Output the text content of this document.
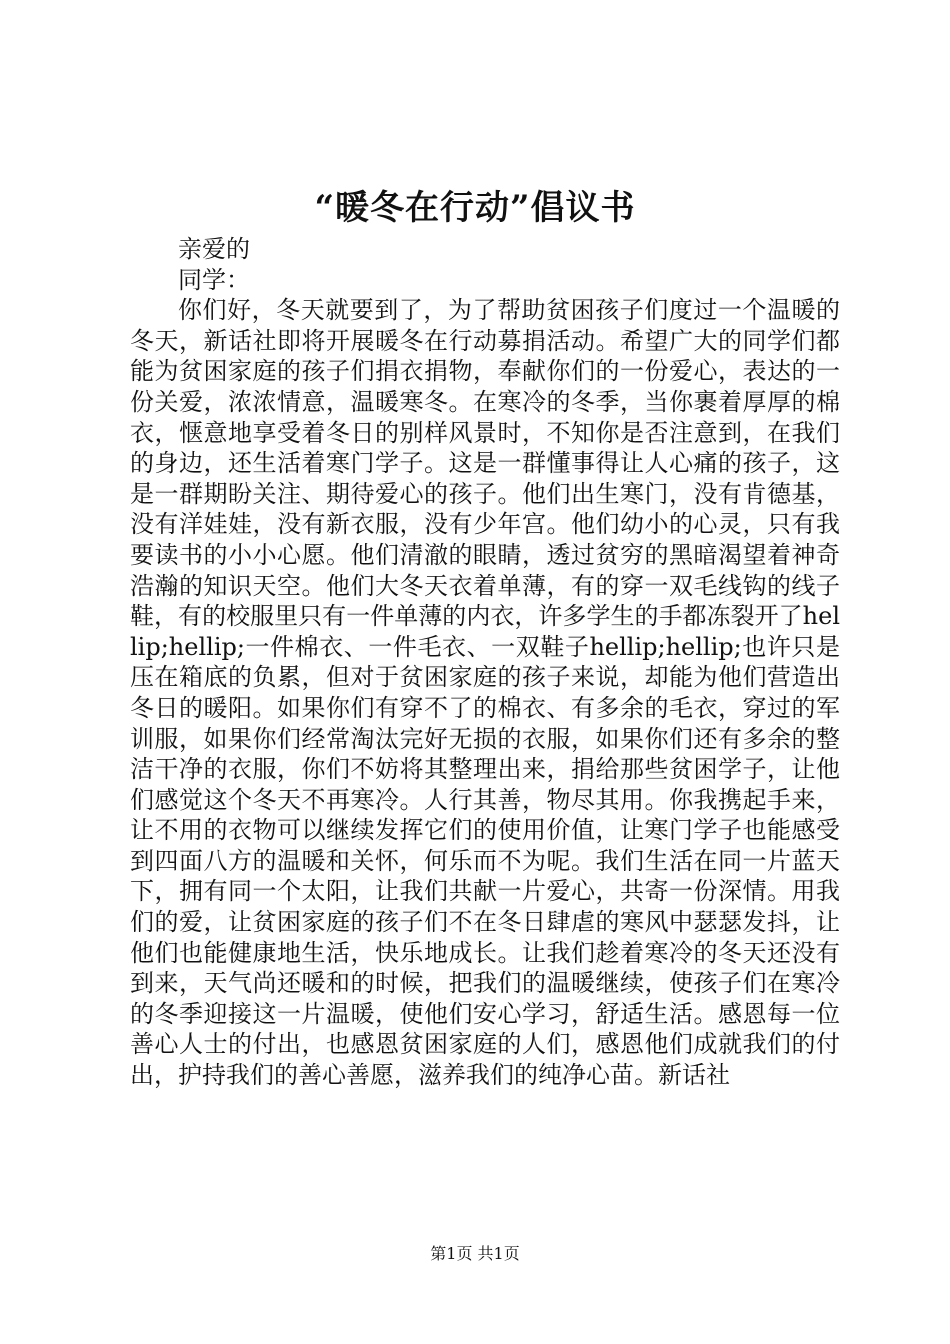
“暖冬在行动”倡议书

亲爱的

同学：

你们好，冬天就要到了，为了帮助贫困孩子们度过一个温暖的冬天，新话社即将开展暖冬在行动募捐活动。希望广大的同学们都能为贫困家庭的孩子们捐衣捐物，奉献你们的一份爱心，表达的一份关爱，浓浓情意，温暖寒冬。在寒冷的冬季，当你裹着厚厚的棉衣，惬意地享受着冬日的别样风景时，不知你是否注意到，在我们的身边，还生活着寒门学子。这是一群懂事得让人心痛的孩子，这是一群期盼关注、期待爱心的孩子。他们出生寒门，没有肯德基，没有洋娃娃，没有新衣服，没有少年宫。他们幼小的心灵，只有我要读书的小小心愿。他们清澈的眼睛，透过贫穷的黑暗渴望着神奇浩瀚的知识天空。他们大冬天衣着单薄，有的穿一双毛线钩的线子鞋，有的校服里只有一件单薄的内衣，许多学生的手都冻裂开了hellip;hellip;一件棉衣、一件毛衣、一双鞋子hellip;hellip;也许只是压在箱底的负累，但对于贫困家庭的孩子来说，却能为他们营造出冬日的暖阳。如果你们有穿不了的棉衣、有多余的毛衣，穿过的军训服，如果你们经常淘汰完好无损的衣服，如果你们还有多余的整洁干净的衣服，你们不妨将其整理出来，捐给那些贫困学子，让他们感觉这个冬天不再寒冷。人行其善，物尽其用。你我携起手来，让不用的衣物可以继续发挥它们的使用价值，让寒门学子也能感受到四面八方的温暖和关怀，何乐而不为呢。我们生活在同一片蓝天下，拥有同一个太阳，让我们共献一片爱心，共寄一份深情。用我们的爱，让贫困家庭的孩子们不在冬日肆虐的寒风中瑟瑟发抖，让他们也能健康地生活，快乐地成长。让我们趁着寒冷的冬天还没有到来，天气尚还暖和的时候，把我们的温暖继续，使孩子们在寒冷的冬季迎接这一片温暖，使他们安心学习，舒适生活。感恩每一位善心人士的付出，也感恩贫困家庭的人们，感恩他们成就我们的付出，护持我们的善心善愿，滋养我们的纯净心苗。新话社

第1页 共1页
